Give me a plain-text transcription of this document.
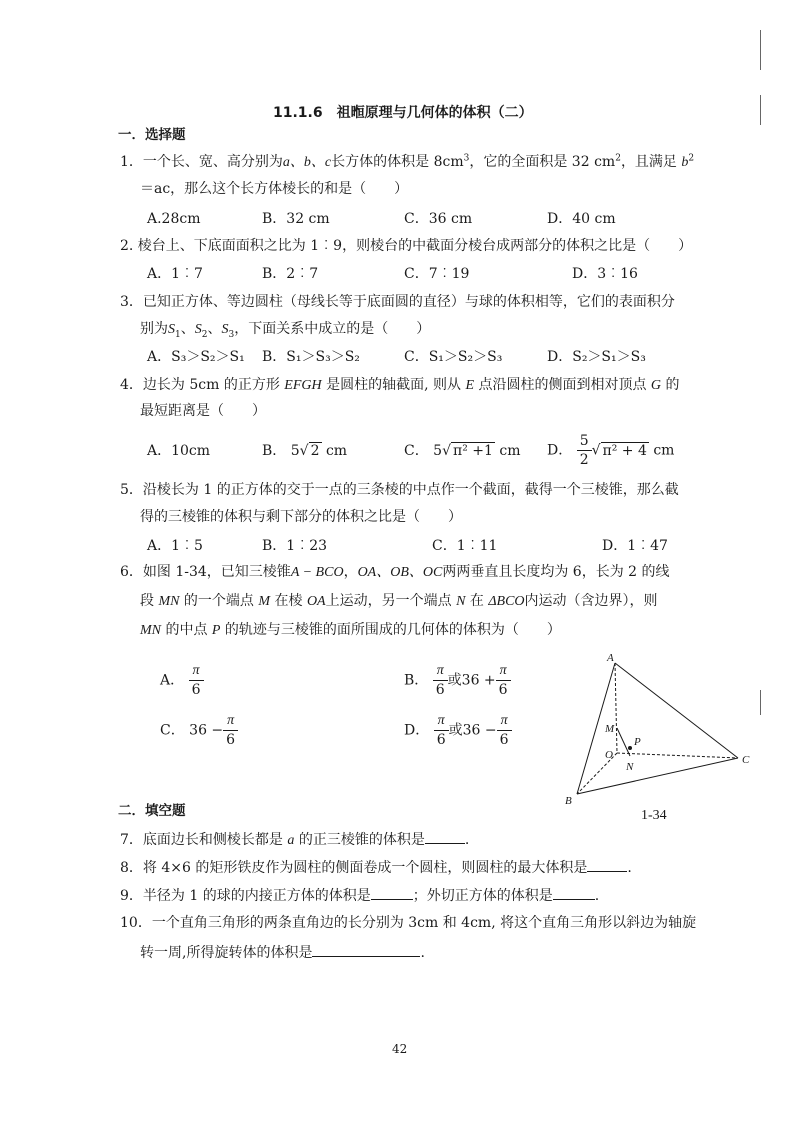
11.1.6　祖暅原理与几何体的体积（二）
一．选择题
1．一个长、宽、高分别为a、b、c长方体的体积是 $8cm^3$，它的全面积是 32 $cm^2$，且满足 $b^2$
＝ac，那么这个长方体棱长的和是（　　）
A.28cm	B．32 cm	C．36 cm	D．40 cm
2. 棱台上、下底面面积之比为 1︰9，则棱台的中截面分棱台成两部分的体积之比是（　　）
A．1︰7	B．2︰7	C．7︰19	D．3︰16
3．已知正方体、等边圆柱（母线长等于底面圆的直径）与球的体积相等，它们的表面积分
别为$S_1$、$S_2$、$S_3$，下面关系中成立的是（　　）
A．S₃＞S₂＞S₁ B．S₁＞S₃＞S₂	C．S₁＞S₂＞S₃	D．S₂＞S₁＞S₃
4．边长为 5cm 的正方形 EFGH 是圆柱的轴截面, 则从 E 点沿圆柱的侧面到相对顶点 G 的
最短距离是（　　）
A．10cm	B． 5√ 2 cm	C． 5√ π² +1 cm D． $\frac{5}{2}$ √ π² + 4 cm
5．沿棱长为 1 的正方体的交于一点的三条棱的中点作一个截面，截得一个三棱锥，那么截
得的三棱锥的体积与剩下部分的体积之比是（　　）
A．1︰5	B．1︰23	C．1︰11	D．1︰47
6．如图 1-34，已知三棱锥A − BCO，OA、OB、OC两两垂直且长度均为 6，长为 2 的线
段 MN 的一个端点 M 在棱 OA上运动，另一个端点 N 在 ΔBCO内运动（含边界），则
MN 的中点 P 的轨迹与三棱锥的面所围成的几何体的体积为（　　）
A． $\frac{\pi}{6}$	B． $\frac{\pi}{6}$ 或$36 + \frac{\pi}{6}$
C． $36 - \frac{\pi}{6}$	D． $\frac{\pi}{6}$ 或$36 - \frac{\pi}{6}$
A
B
C
O
M
N
P
1-34
二．填空题
7．底面边长和侧棱长都是 a 的正三棱锥的体积是	.
8．将 4×6 的矩形铁皮作为圆柱的侧面卷成一个圆柱，则圆柱的最大体积是	.
9．半径为 1 的球的内接正方体的体积是	；外切正方体的体积是	.
10．一个直角三角形的两条直角边的长分别为 3cm 和 4cm, 将这个直角三角形以斜边为轴旋
转一周,所得旋转体的体积是	.
42
